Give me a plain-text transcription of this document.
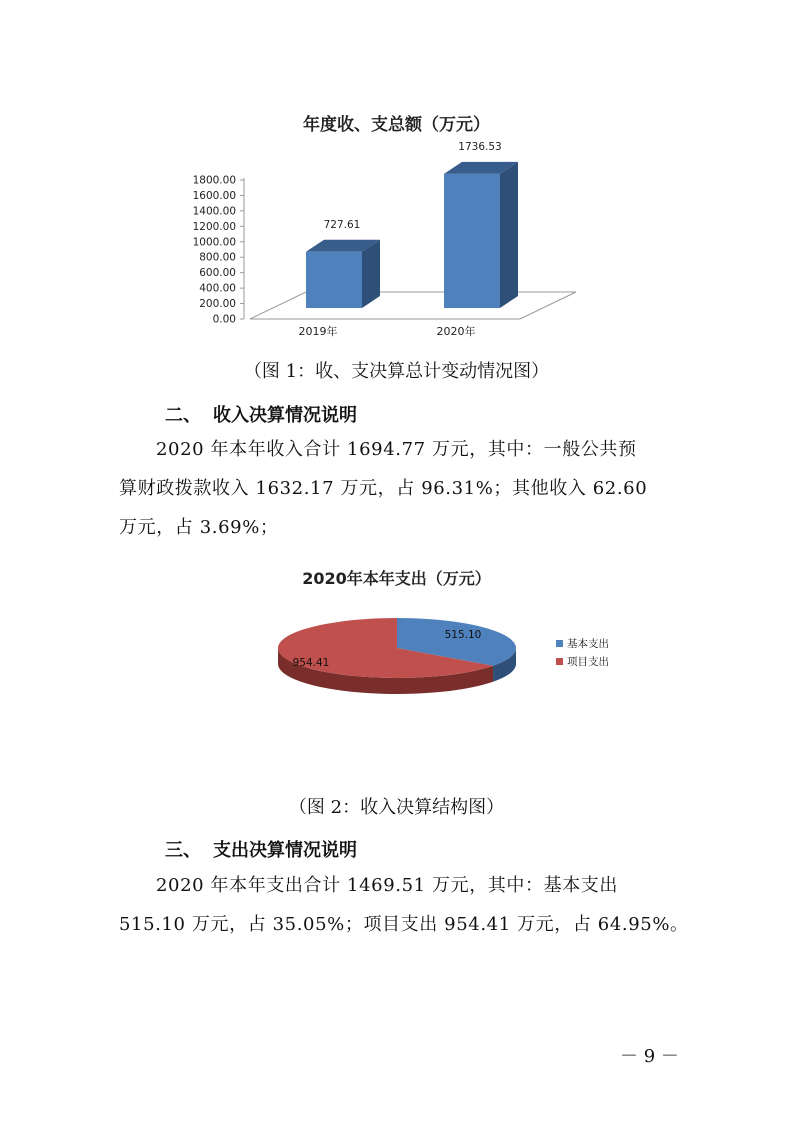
年度收、支总额（万元）
0.00
200.00
400.00
600.00
800.00
1000.00
1200.00
1400.00
1600.00
1800.00
727.61
2019年
1736.53
2020年
（图 1：收、支决算总计变动情况图）
二、 收入决算情况说明
2020 年本年收入合计 1694.77 万元，其中：一般公共预
算财政拨款收入 1632.17 万元，占 96.31%；其他收入 62.60
万元，占 3.69%；
2020年本年支出（万元）
515.10
954.41
基本支出
项目支出
（图 2：收入决算结构图）
三、 支出决算情况说明
2020 年本年支出合计 1469.51 万元，其中：基本支出
515.10 万元，占 35.05%；项目支出 954.41 万元，占 64.95%。
－ 9 －
